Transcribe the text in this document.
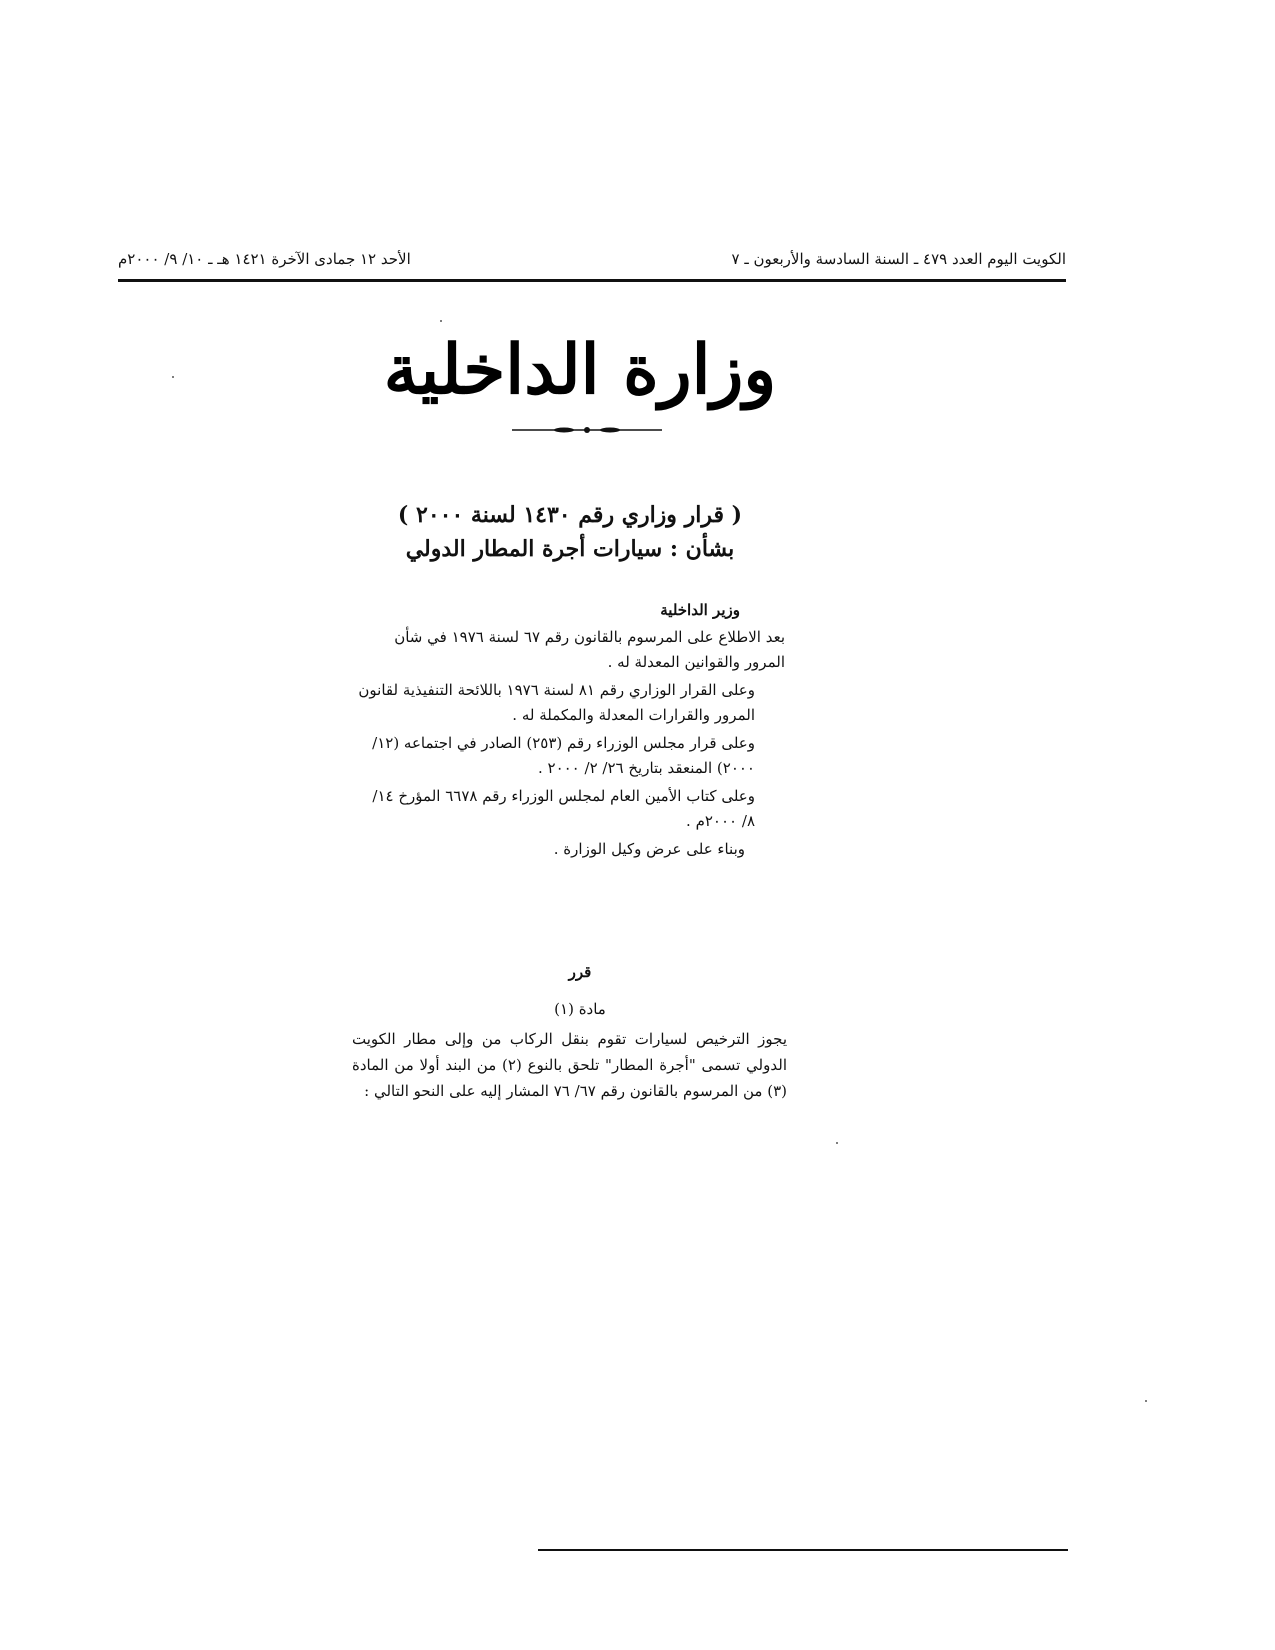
الكويت اليوم العدد ٤٧٩ ـ السنة السادسة والأربعون ـ ٧
الأحد ١٢ جمادى الآخرة ١٤٢١ هـ ـ ١٠/ ٩/ ٢٠٠٠م
وزارة الداخلية
( قرار وزاري رقم ١٤٣٠ لسنة ٢٠٠٠ )
بشأن : سيارات أجرة المطار الدولي
وزير الداخلية

بعد الاطلاع على المرسوم بالقانون رقم ٦٧ لسنة ١٩٧٦ في شأن المرور والقوانين المعدلة له .

وعلى القرار الوزاري رقم ٨١ لسنة ١٩٧٦ باللائحة التنفيذية لقانون المرور والقرارات المعدلة والمكملة له .

وعلى قرار مجلس الوزراء رقم (٢٥٣) الصادر في اجتماعه (١٢/ ٢٠٠٠) المنعقد بتاريخ ٢٦/ ٢/ ٢٠٠٠ .

وعلى كتاب الأمين العام لمجلس الوزراء رقم ٦٦٧٨ المؤرخ ١٤/ ٨/ ٢٠٠٠م .

وبناء على عرض وكيل الوزارة .

قرر
مادة (١)
يجوز الترخيص لسيارات تقوم بنقل الركاب من وإلى مطار الكويت الدولي تسمى "أجرة المطار" تلحق بالنوع (٢) من البند أولا من المادة (٣) من المرسوم بالقانون رقم ٦٧/ ٧٦ المشار إليه على النحو التالي :
